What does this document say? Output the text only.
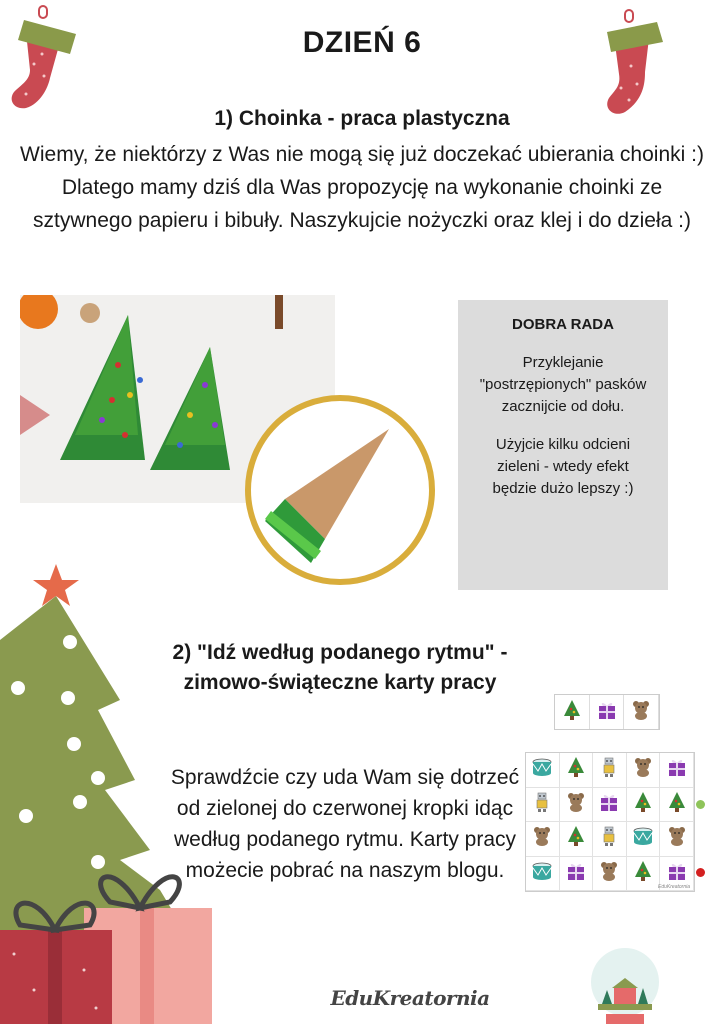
DZIEŃ 6
1) Choinka - praca plastyczna
Wiemy, że niektórzy z Was nie mogą się już doczekać ubierania choinki :) Dlatego mamy dziś dla Was propozycję na wykonanie choinki ze sztywnego papieru i bibuły. Naszykujcie nożyczki oraz klej i do dzieła :)
DOBRA RADA
Przyklejanie "postrzępionych" pasków zacznijcie od dołu.
Użyjcie kilku odcieni zieleni - wtedy efekt będzie dużo lepszy :)
2) "Idź według podanego rytmu" - zimowo-świąteczne karty pracy
Sprawdźcie czy uda Wam się dotrzeć od zielonej do czerwonej kropki idąc według podanego rytmu. Karty pracy możecie pobrać na naszym blogu.
EduKreatornia
EduKreatornia
